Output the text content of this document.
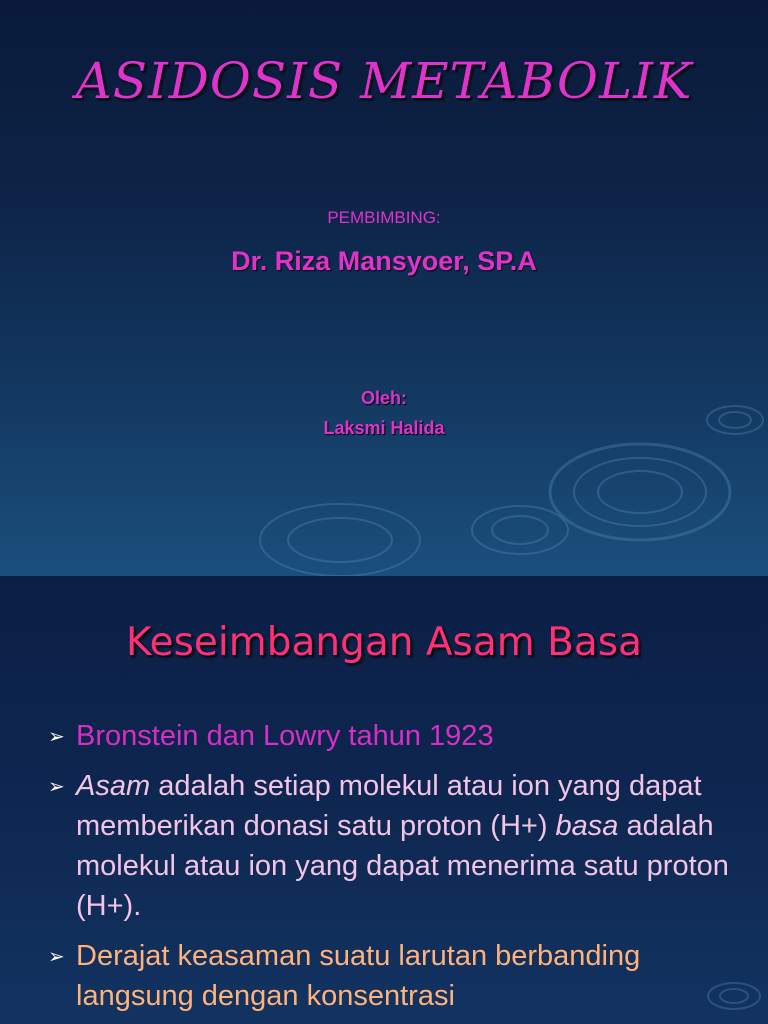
ASIDOSIS METABOLIK
PEMBIMBING:
Dr. Riza Mansyoer, SP.A
Oleh:
Laksmi Halida
Keseimbangan Asam Basa
➢ Bronstein dan Lowry tahun 1923
➢ Asam adalah setiap molekul atau ion yang dapat memberikan donasi satu proton (H+) basa adalah molekul atau ion yang dapat menerima satu proton (H+).
➢ Derajat keasaman suatu larutan berbanding langsung dengan konsentrasi
